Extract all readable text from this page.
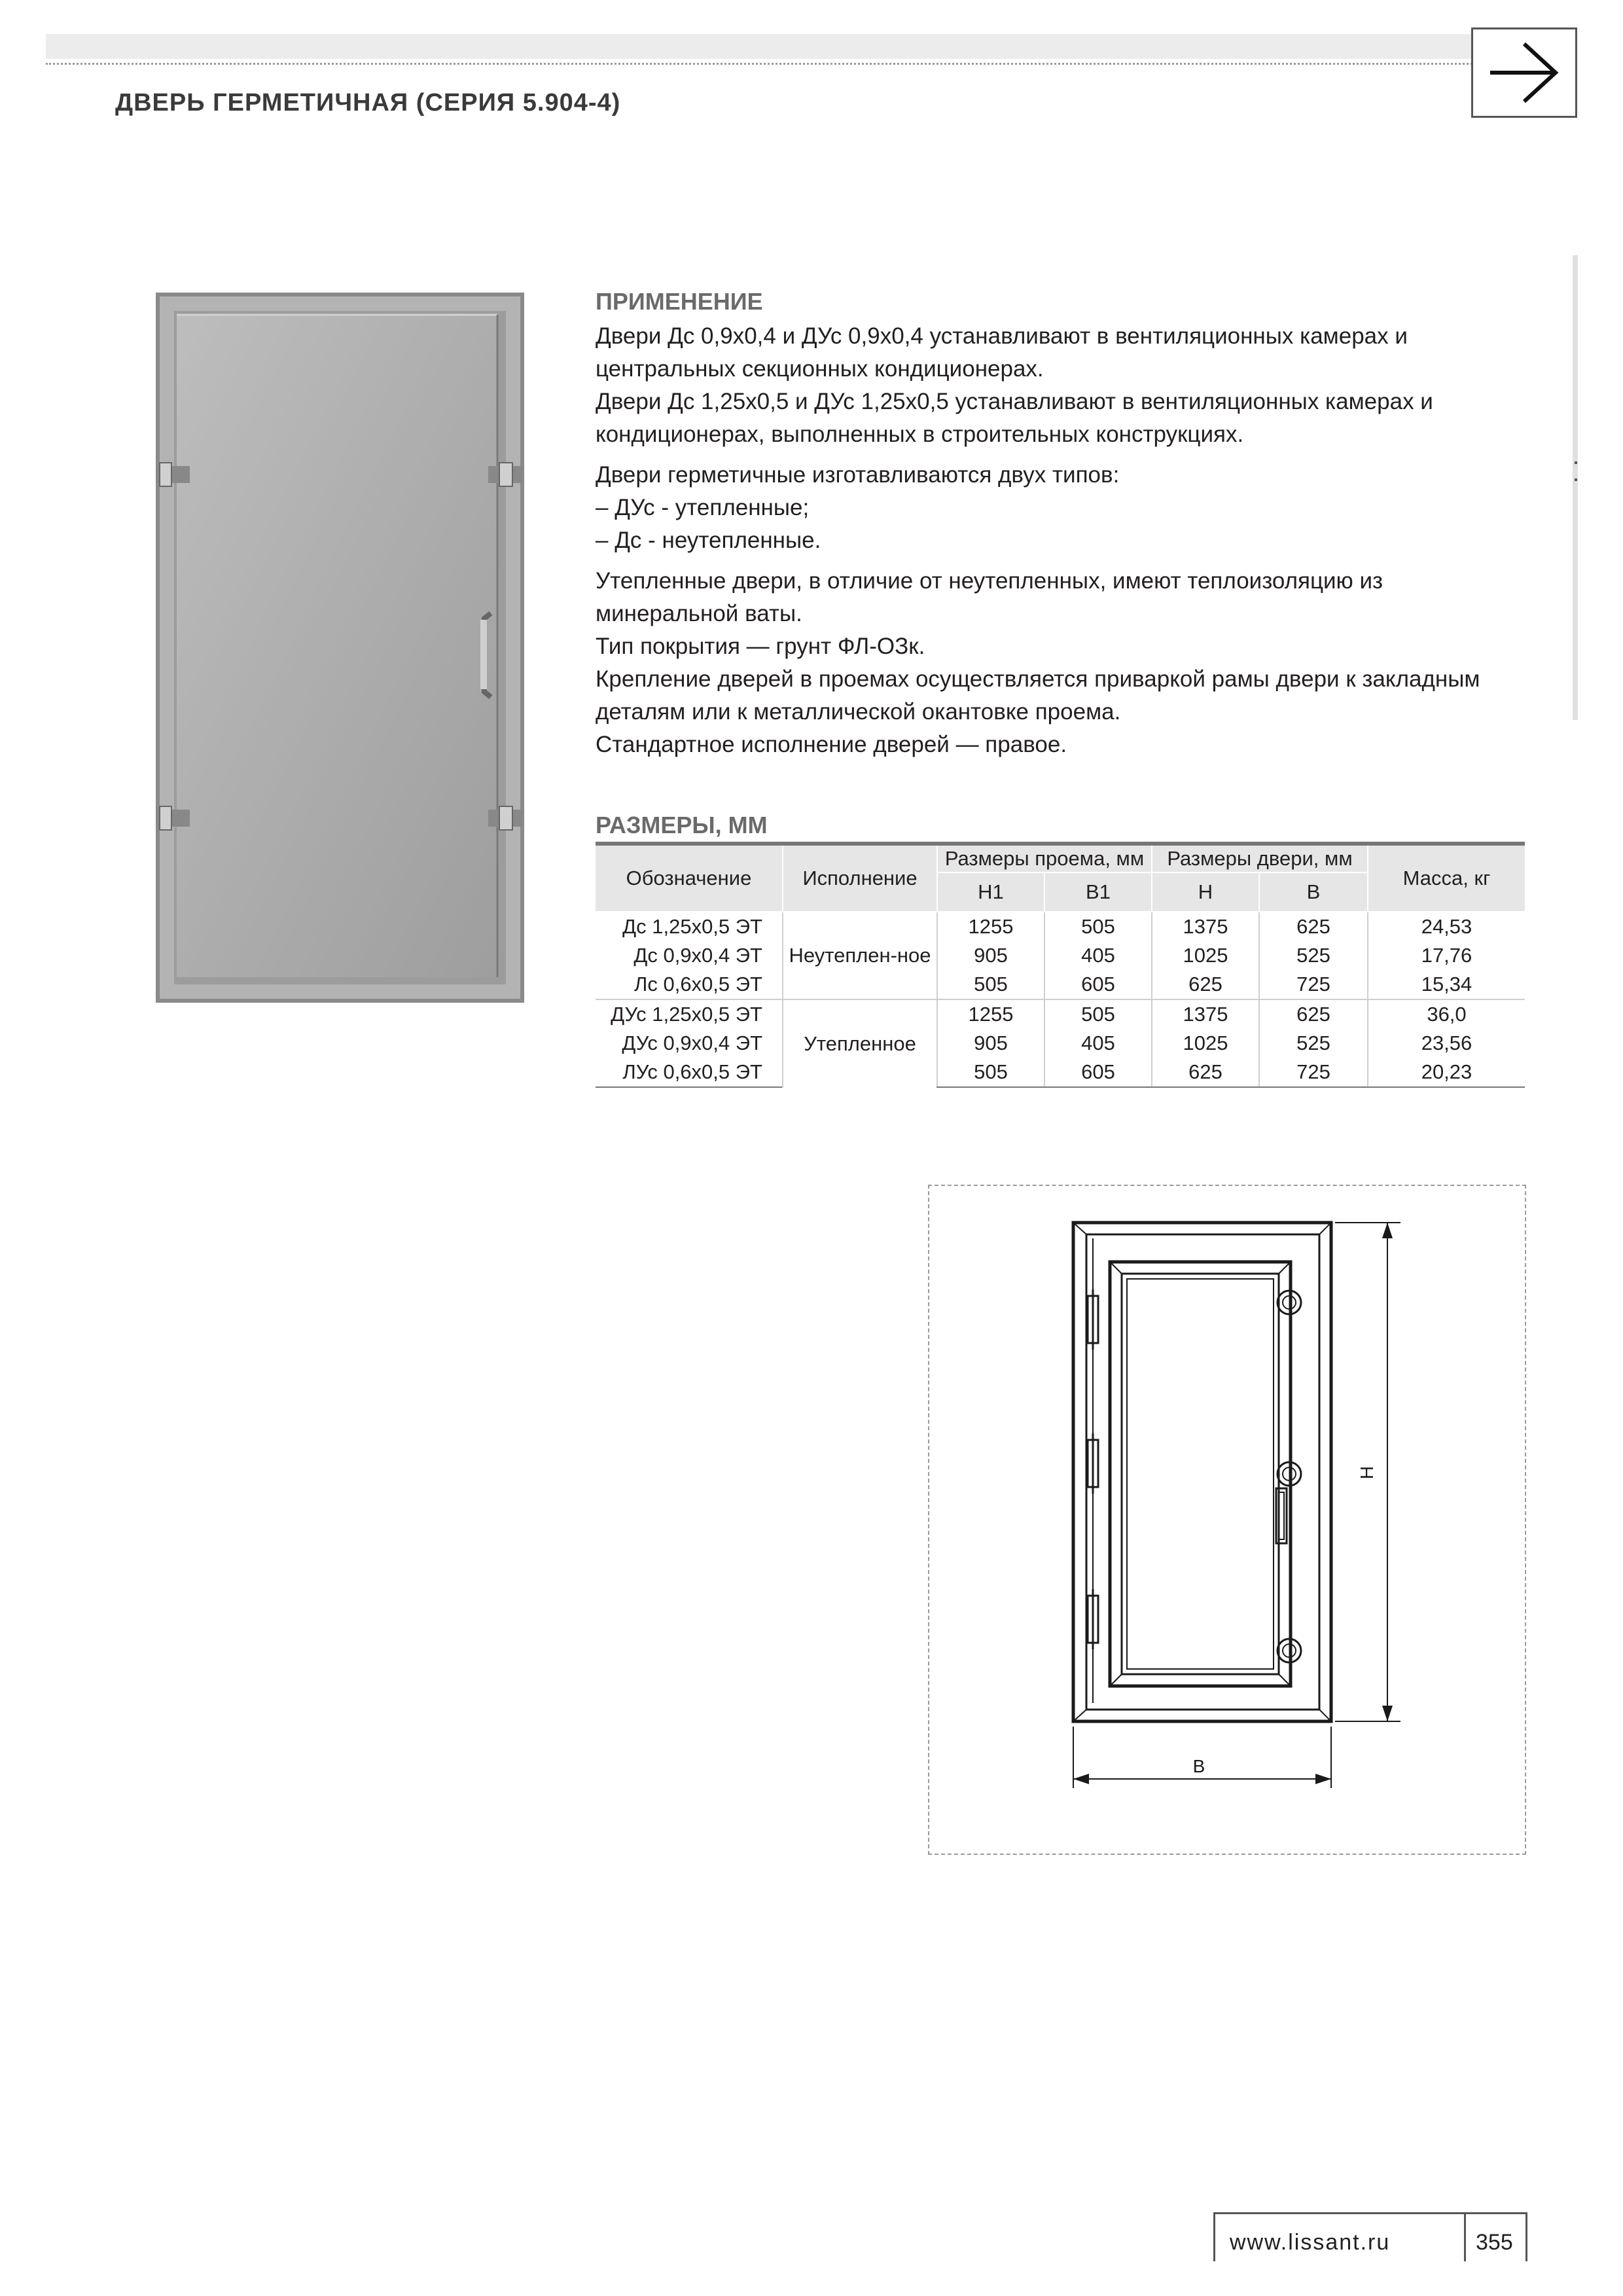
ДВЕРЬ ГЕРМЕТИЧНАЯ (СЕРИЯ 5.904-4)
ПРИМЕНЕНИЕ

Двери Дс 0,9х0,4 и ДУс 0,9х0,4 устанавливают в вентиляционных камерах и центральных секционных кондиционерах.

Двери Дс 1,25х0,5 и ДУс 1,25х0,5 устанавливают в вентиляционных камерах и кондиционерах, выполненных в строительных конструкциях.

Двери герметичные изготавливаются двух типов:

– ДУс - утепленные;

– Дс - неутепленные.

Утепленные двери, в отличие от неутепленных, имеют теплоизоляцию из минеральной ваты.

Тип покрытия — грунт ФЛ-ОЗк.

Крепление дверей в проемах осуществляется приваркой рамы двери к закладным деталям или к металлической окантовке проема.

Стандартное исполнение дверей — правое.

РАЗМЕРЫ, ММ
Обозначение	Исполнение	Размеры проема, мм		Размеры двери, мм		Масса, кг
		H1	B1	H	B	
Дс 1,25х0,5 ЭТ	Неутеплен-ное	1255	505	1375	625	24,53
Дс 0,9х0,4 ЭТ		905	405	1025	525	17,76
Лс 0,6х0,5 ЭТ		505	605	625	725	15,34
ДУс 1,25х0,5 ЭТ	Утепленное	1255	505	1375	625	36,0
ДУс 0,9х0,4 ЭТ		905	405	1025	525	23,56
ЛУс 0,6х0,5 ЭТ		505	605	625	725	20,23
H
B
www.lissant.ru	355
